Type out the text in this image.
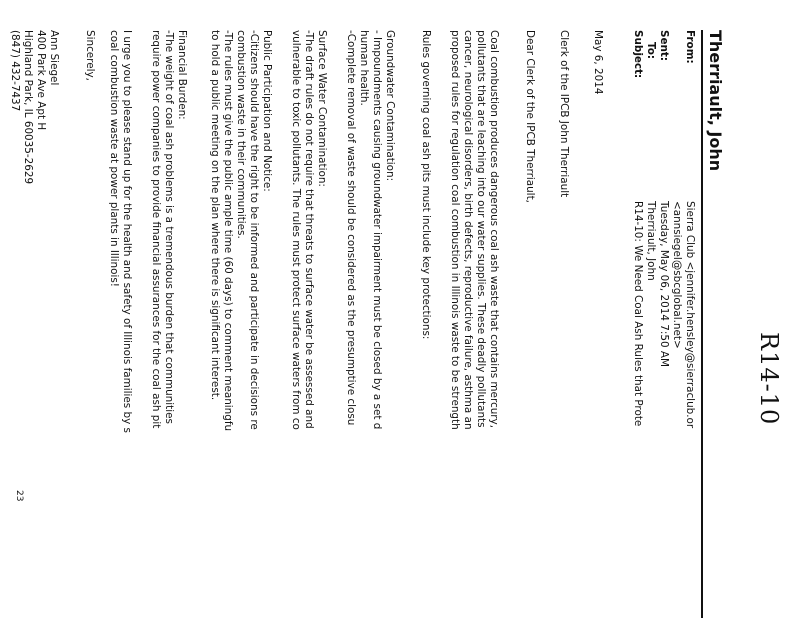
R14-10
Therriault, John
From:
Sierra Club <jennifer.hensley@sierraclub.or
<annsiegel@sbcglobal.net>
Sent:
Tuesday, May 06, 2014 7:50 AM
To:
Therriault, John
Subject:
R14-10: We Need Coal Ash Rules that Prote
May 6, 2014
Clerk of the IPCB John Therriault
Dear Clerk of the IPCB Therriault,
Coal combustion produces dangerous coal ash waste that contains mercury,
pollutants that are leaching into our water supplies. These deadly pollutants
cancer, neurological disorders, birth defects, reproductive failure, asthma an
proposed rules for regulation coal combustion in Illinois waste to be strength
Rules governing coal ash pits must include key protections:
Groundwater Contamination:
- Impoundments causing groundwater impairment must be closed by a set d
human health.
-Complete removal of waste should be considered as the presumptive closu
Surface Water Contamination:
-The draft rules do not require that threats to surface water be assessed and
vulnerable to toxic pollutants. The rules must protect surface waters from co
Public Participation and Notice:
-Citizens should have the right to be informed and participate in decisions re
combustion waste in their communities.
-The rules must give the public ample time (60 days) to comment meaningfu
to hold a public meeting on the plan where there is significant interest.
Financial Burden:
-The weight of coal ash problems is a tremendous burden that communities
require power companies to provide financial assurances for the coal ash pit
I urge you to please stand up for the health and safety of Illinois families by s
coal combustion waste at power plants in Illinois!
Sincerely,
Ann Siegel
400 Park Ave Apt H
Highland Park, IL 60035-2629
(847) 432-7437
23
